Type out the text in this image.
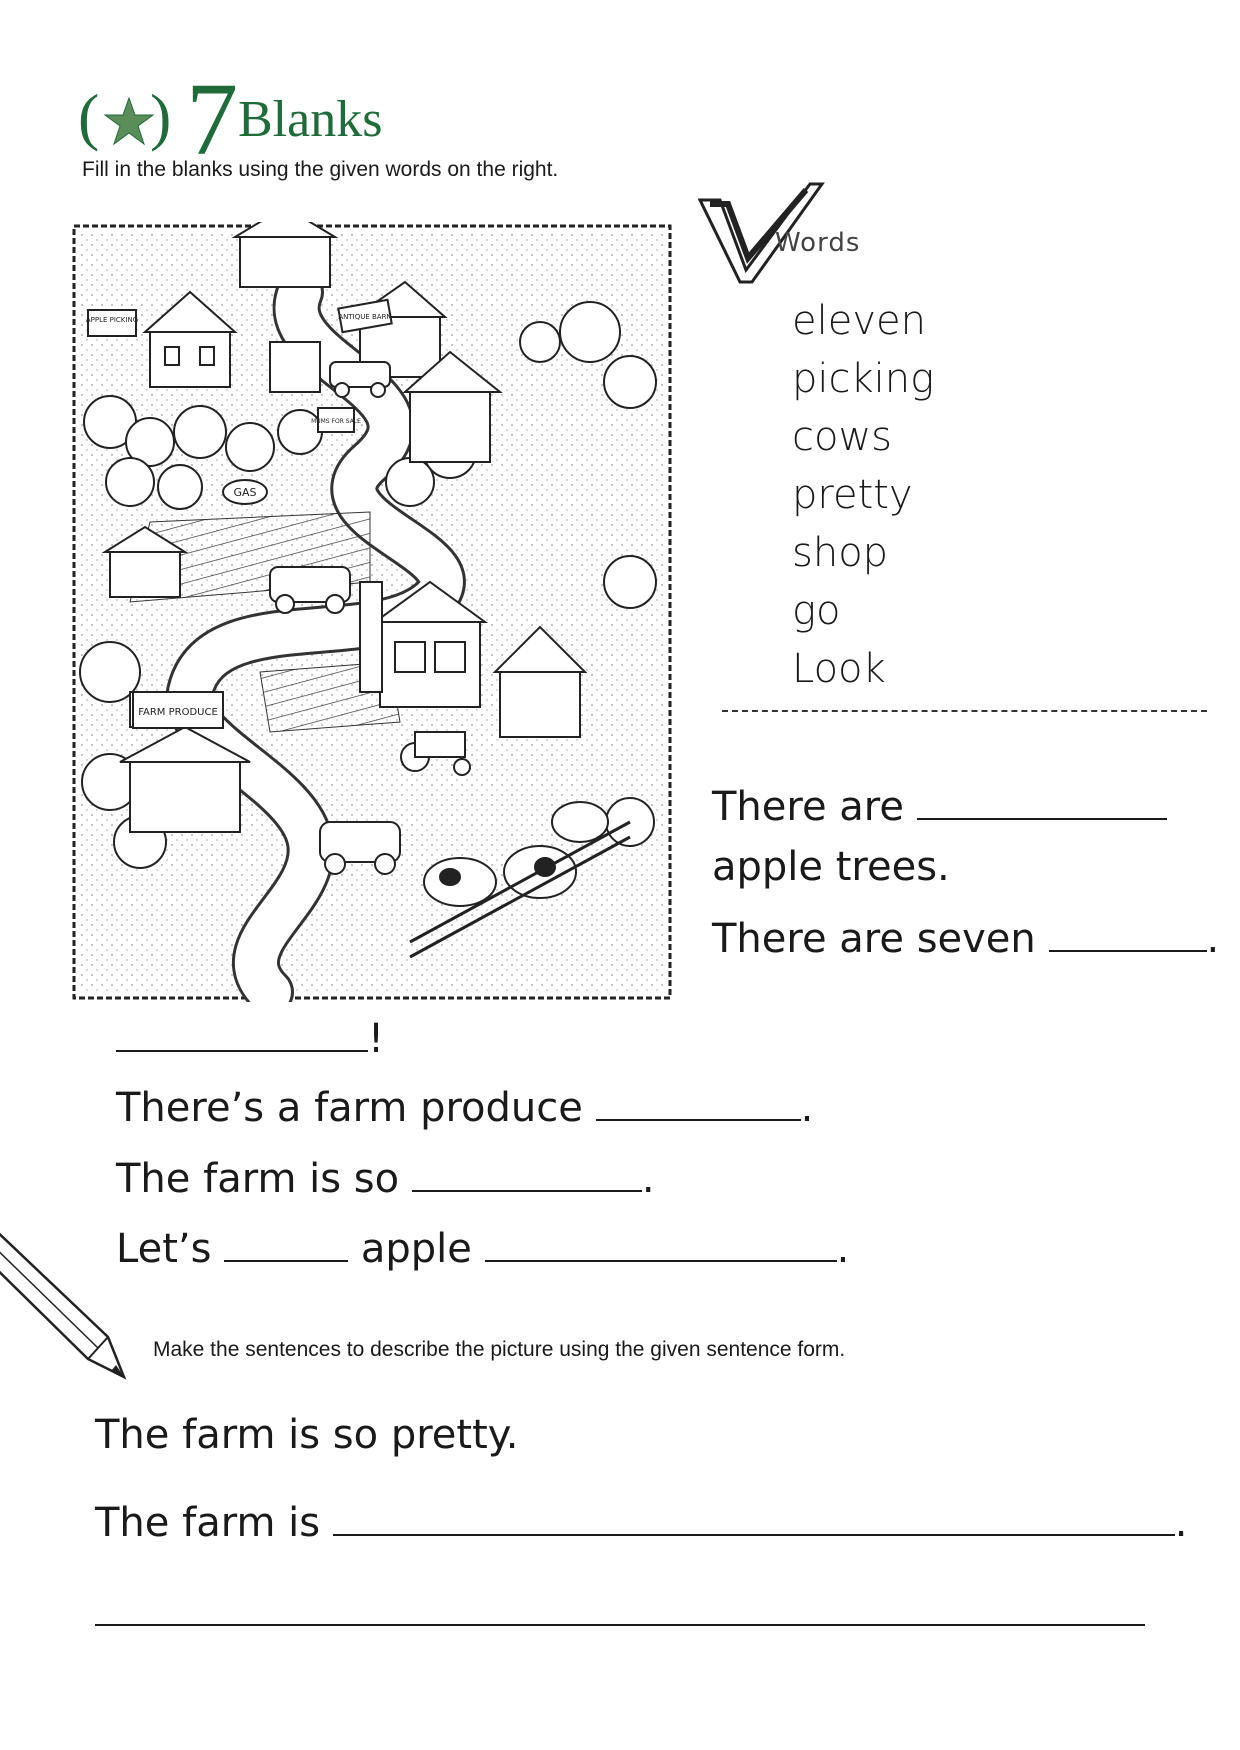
( ) 7 Blanks
Fill in the blanks using the given words on the right.
APPLE PICKING	ANTIQUE BARN
MUMS FOR SALE
GAS
FARM PRODUCE
Words
eleven
picking
cows
pretty
shop
go
Look
There are
apple trees.
There are seven	.
!
There’s a farm produce	.
The farm is so	.
Let’s	apple	.
Make the sentences to describe the picture using the given sentence form.
The farm is so pretty.
The farm is	.
